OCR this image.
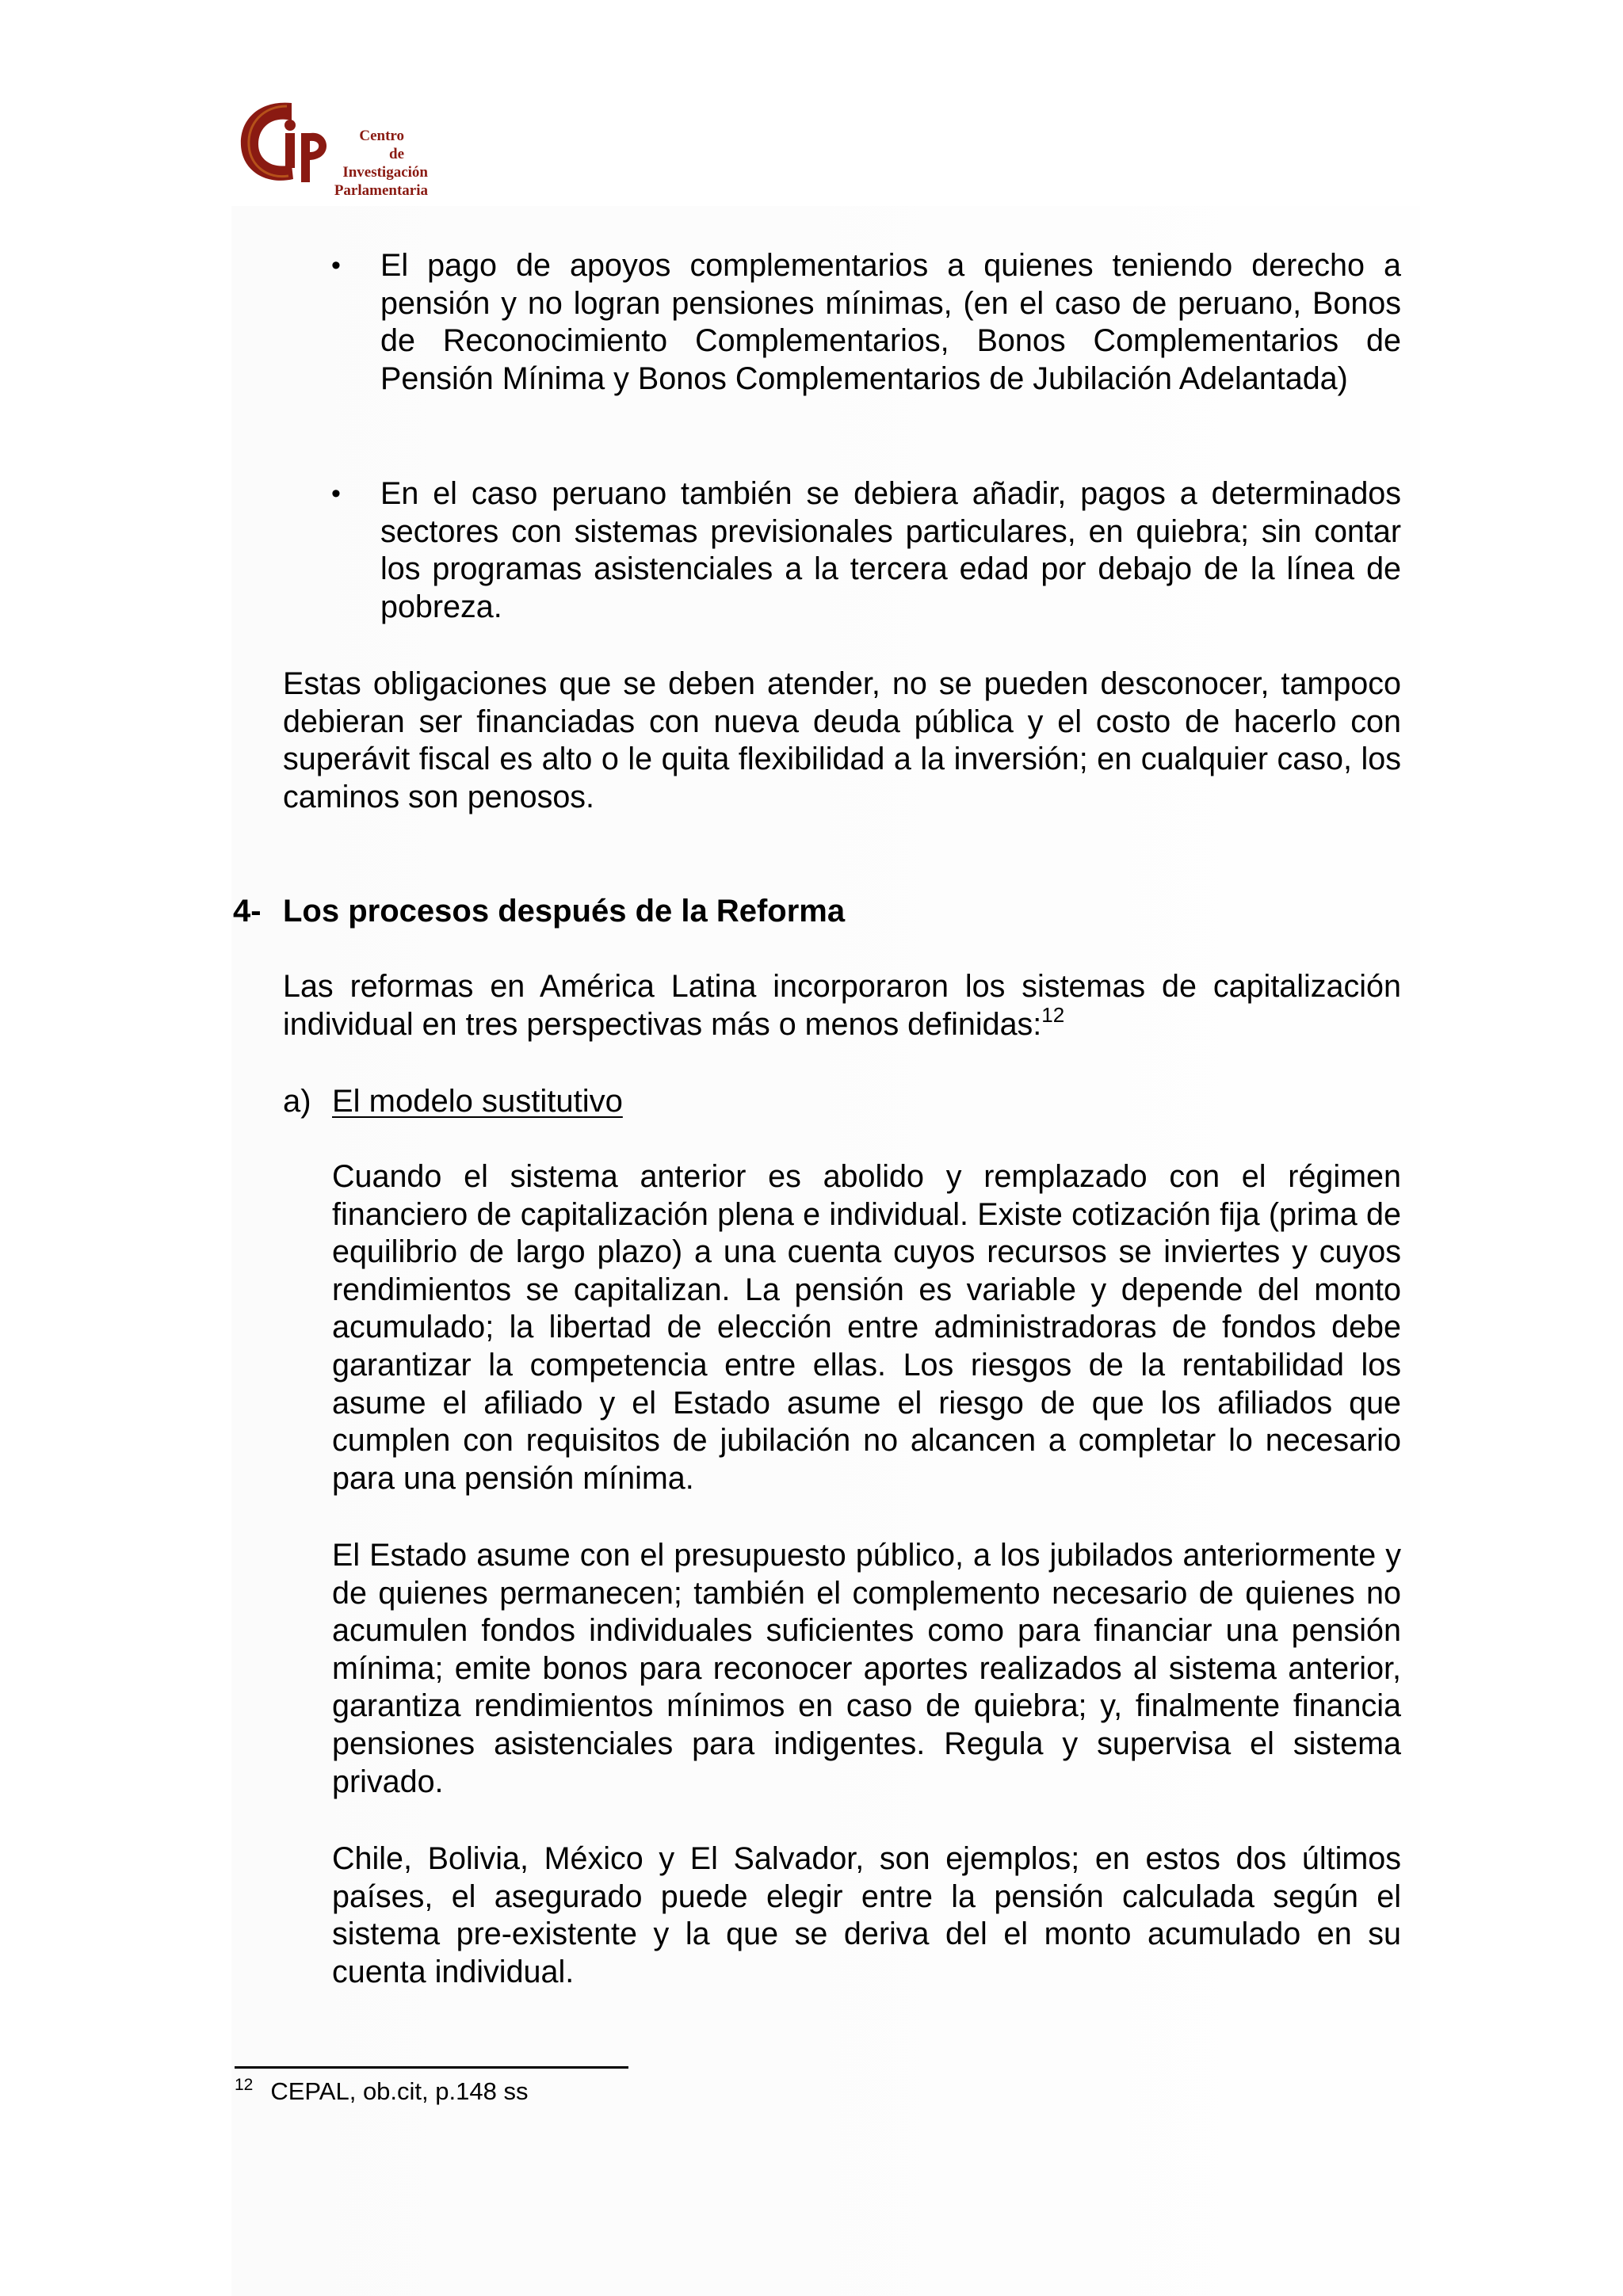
Centro
de
Investigación
Parlamentaria
• El pago de apoyos complementarios a quienes teniendo derecho a pensión y no logran pensiones mínimas, (en el caso de peruano, Bonos de Reconocimiento Complementarios, Bonos Complementarios de Pensión Mínima y Bonos Complementarios de Jubilación Adelantada)

• En el caso peruano también se debiera añadir, pagos a determinados sectores con sistemas previsionales particulares, en quiebra; sin contar los programas asistenciales a la tercera edad por debajo de la línea de pobreza.

Estas obligaciones que se deben atender, no se pueden desconocer, tampoco debieran ser financiadas con nueva deuda pública y el costo de hacerlo con superávit fiscal es alto o le quita flexibilidad a la inversión; en cualquier caso, los caminos son penosos.

4- Los procesos después de la Reforma

Las reformas en América Latina incorporaron los sistemas de capitalización individual en tres perspectivas más o menos definidas:$^{12}$

a) El modelo sustitutivo

Cuando el sistema anterior es abolido y remplazado con el régimen financiero de capitalización plena e individual. Existe cotización fija (prima de equilibrio de largo plazo) a una cuenta cuyos recursos se inviertes y cuyos rendimientos se capitalizan. La pensión es variable y depende del monto acumulado; la libertad de elección entre administradoras de fondos debe garantizar la competencia entre ellas. Los riesgos de la rentabilidad los asume el afiliado y el Estado asume el riesgo de que los afiliados que cumplen con requisitos de jubilación no alcancen a completar lo necesario para una pensión mínima.

El Estado asume con el presupuesto público, a los jubilados anteriormente y de quienes permanecen; también el complemento necesario de quienes no acumulen fondos individuales suficientes como para financiar una pensión mínima; emite bonos para reconocer aportes realizados al sistema anterior, garantiza rendimientos mínimos en caso de quiebra; y, finalmente financia pensiones asistenciales para indigentes. Regula y supervisa el sistema privado.

Chile, Bolivia, México y El Salvador, son ejemplos; en estos dos últimos países, el asegurado puede elegir entre la pensión calculada según el sistema pre-existente y la que se deriva del el monto acumulado en su cuenta individual.

$^{12}$ CEPAL, ob.cit, p.148 ss
